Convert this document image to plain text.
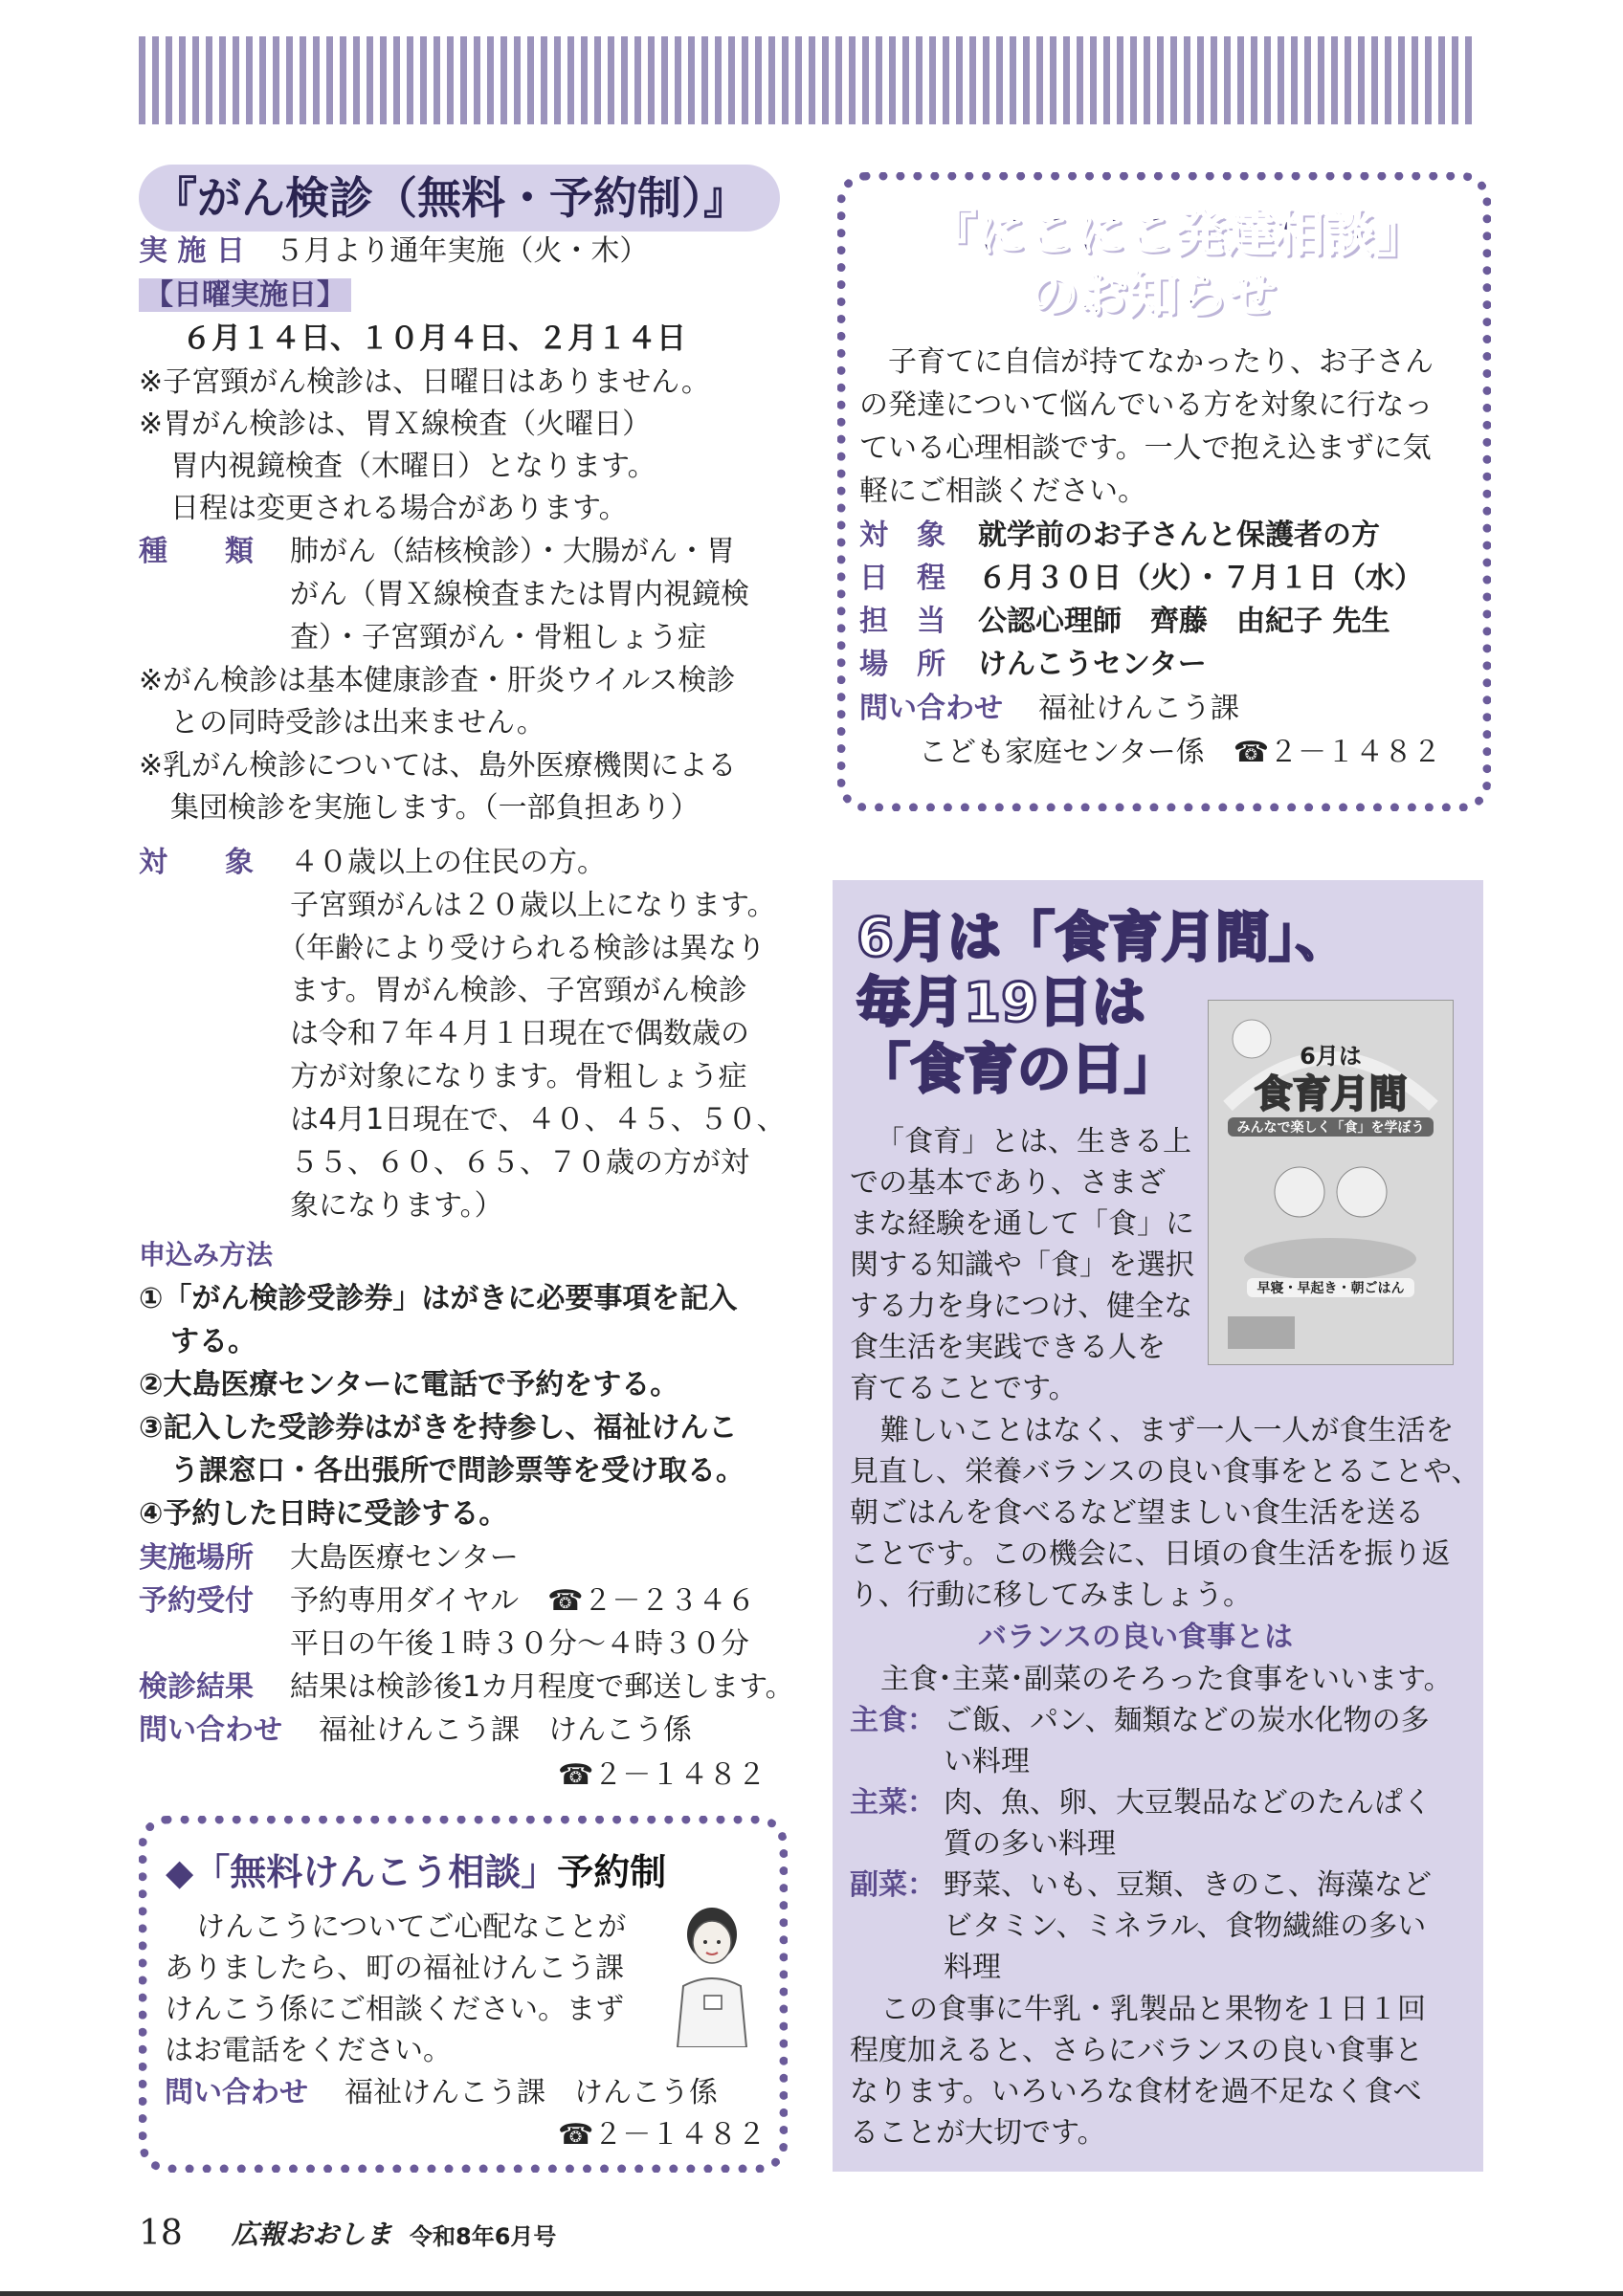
『がん検診（無料・予約制）』
実 施 日 ５月より通年実施（火・木）
【日曜実施日】
６月１４日、１０月４日、２月１４日
※子宮頸がん検診は、日曜日はありません。
※胃がん検診は、胃Ｘ線検査（火曜日）
胃内視鏡検査（木曜日）となります。
日程は変更される場合があります。
種　　類 肺がん（結核検診）・大腸がん・胃
がん（胃Ｘ線検査または胃内視鏡検
査）・子宮頸がん・骨粗しょう症
※がん検診は基本健康診査・肝炎ウイルス検診
との同時受診は出来ません。
※乳がん検診については、島外医療機関による
集団検診を実施します。（一部負担あり）
対　　象 ４０歳以上の住民の方。
子宮頸がんは２０歳以上になります。
（年齢により受けられる検診は異なり
ます。胃がん検診、子宮頸がん検診
は令和７年４月１日現在で偶数歳の
方が対象になります。骨粗しょう症
は4月1日現在で、４０、４５、５０、
５５、６０、６５、７０歳の方が対
象になります。）
申込み方法
①「がん検診受診券」はがきに必要事項を記入
する。
②大島医療センターに電話で予約をする。
③記入した受診券はがきを持参し、福祉けんこ
う課窓口・各出張所で問診票等を受け取る。
④予約した日時に受診する。
実施場所 大島医療センター
予約受付 予約専用ダイヤル　☎２－２３４６
平日の午後１時３０分～４時３０分
検診結果 結果は検診後1カ月程度で郵送します。
問い合わせ 福祉けんこう課　けんこう係
☎２－１４８２
◆「無料けんこう相談」予約制
けんこうについてご心配なことが
ありましたら、町の福祉けんこう課
けんこう係にご相談ください。まず
はお電話をください。
問い合わせ 福祉けんこう課　けんこう係
☎２－１４８２
『にこにこ発達相談』
のお知らせ
子育てに自信が持てなかったり、お子さん
の発達について悩んでいる方を対象に行なっ
ている心理相談です。一人で抱え込まずに気
軽にご相談ください。
対　象 就学前のお子さんと保護者の方
日　程 ６月３０日（火）・７月１日（水）
担　当 公認心理師　齊藤　由紀子 先生
場　所 けんこうセンター
問い合わせ 福祉けんこう課
こども家庭センター係　☎２－１４８２
6月は「食育月間」、
毎月19日は
「食育の日」	6月は
食育月間
みんなで楽しく「食」を学ぼう
早寝・早起き・朝ごはん
「食育」とは、生きる上
での基本であり、さまざ
まな経験を通して「食」に
関する知識や「食」を選択
する力を身につけ、健全な
食生活を実践できる人を
育てることです。
難しいことはなく、まず一人一人が食生活を
見直し、栄養バランスの良い食事をとることや、
朝ごはんを食べるなど望ましい食生活を送る
ことです。この機会に、日頃の食生活を振り返
り、行動に移してみましょう。
バランスの良い食事とは
主食･主菜･副菜のそろった食事をいいます。
主食： ご飯、パン、麺類などの炭水化物の多
い料理
主菜： 肉、魚、卵、大豆製品などのたんぱく
質の多い料理
副菜： 野菜、いも、豆類、きのこ、海藻など
ビタミン、ミネラル、食物繊維の多い
料理
この食事に牛乳・乳製品と果物を１日１回
程度加えると、さらにバランスの良い食事と
なります。いろいろな食材を過不足なく食べ
ることが大切です。
18 広報おおしま 令和8年6月号
